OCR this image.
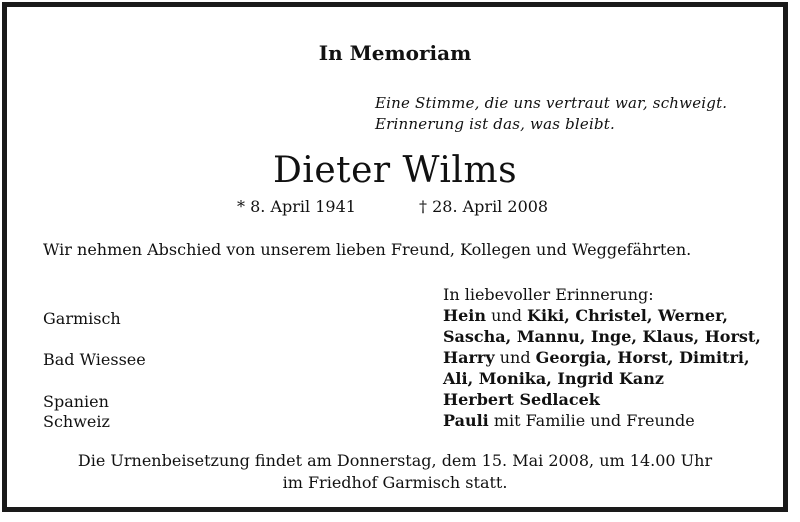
In Memoriam
Eine Stimme, die uns vertraut war, schweigt.
Erinnerung ist das, was bleibt.
Dieter Wilms
* 8. April 1941	† 28. April 2008
Wir nehmen Abschied von unserem lieben Freund, Kollegen und Weggefährten.
Garmisch
Bad Wiessee
Spanien
Schweiz
In liebevoller Erinnerung:
Hein und Kiki, Christel, Werner,
Sascha, Mannu, Inge, Klaus, Horst,
Harry und Georgia, Horst, Dimitri,
Ali, Monika, Ingrid Kanz
Herbert Sedlacek
Pauli mit Familie und Freunde
Die Urnenbeisetzung findet am Donnerstag, dem 15. Mai 2008, um 14.00 Uhr
im Friedhof Garmisch statt.
